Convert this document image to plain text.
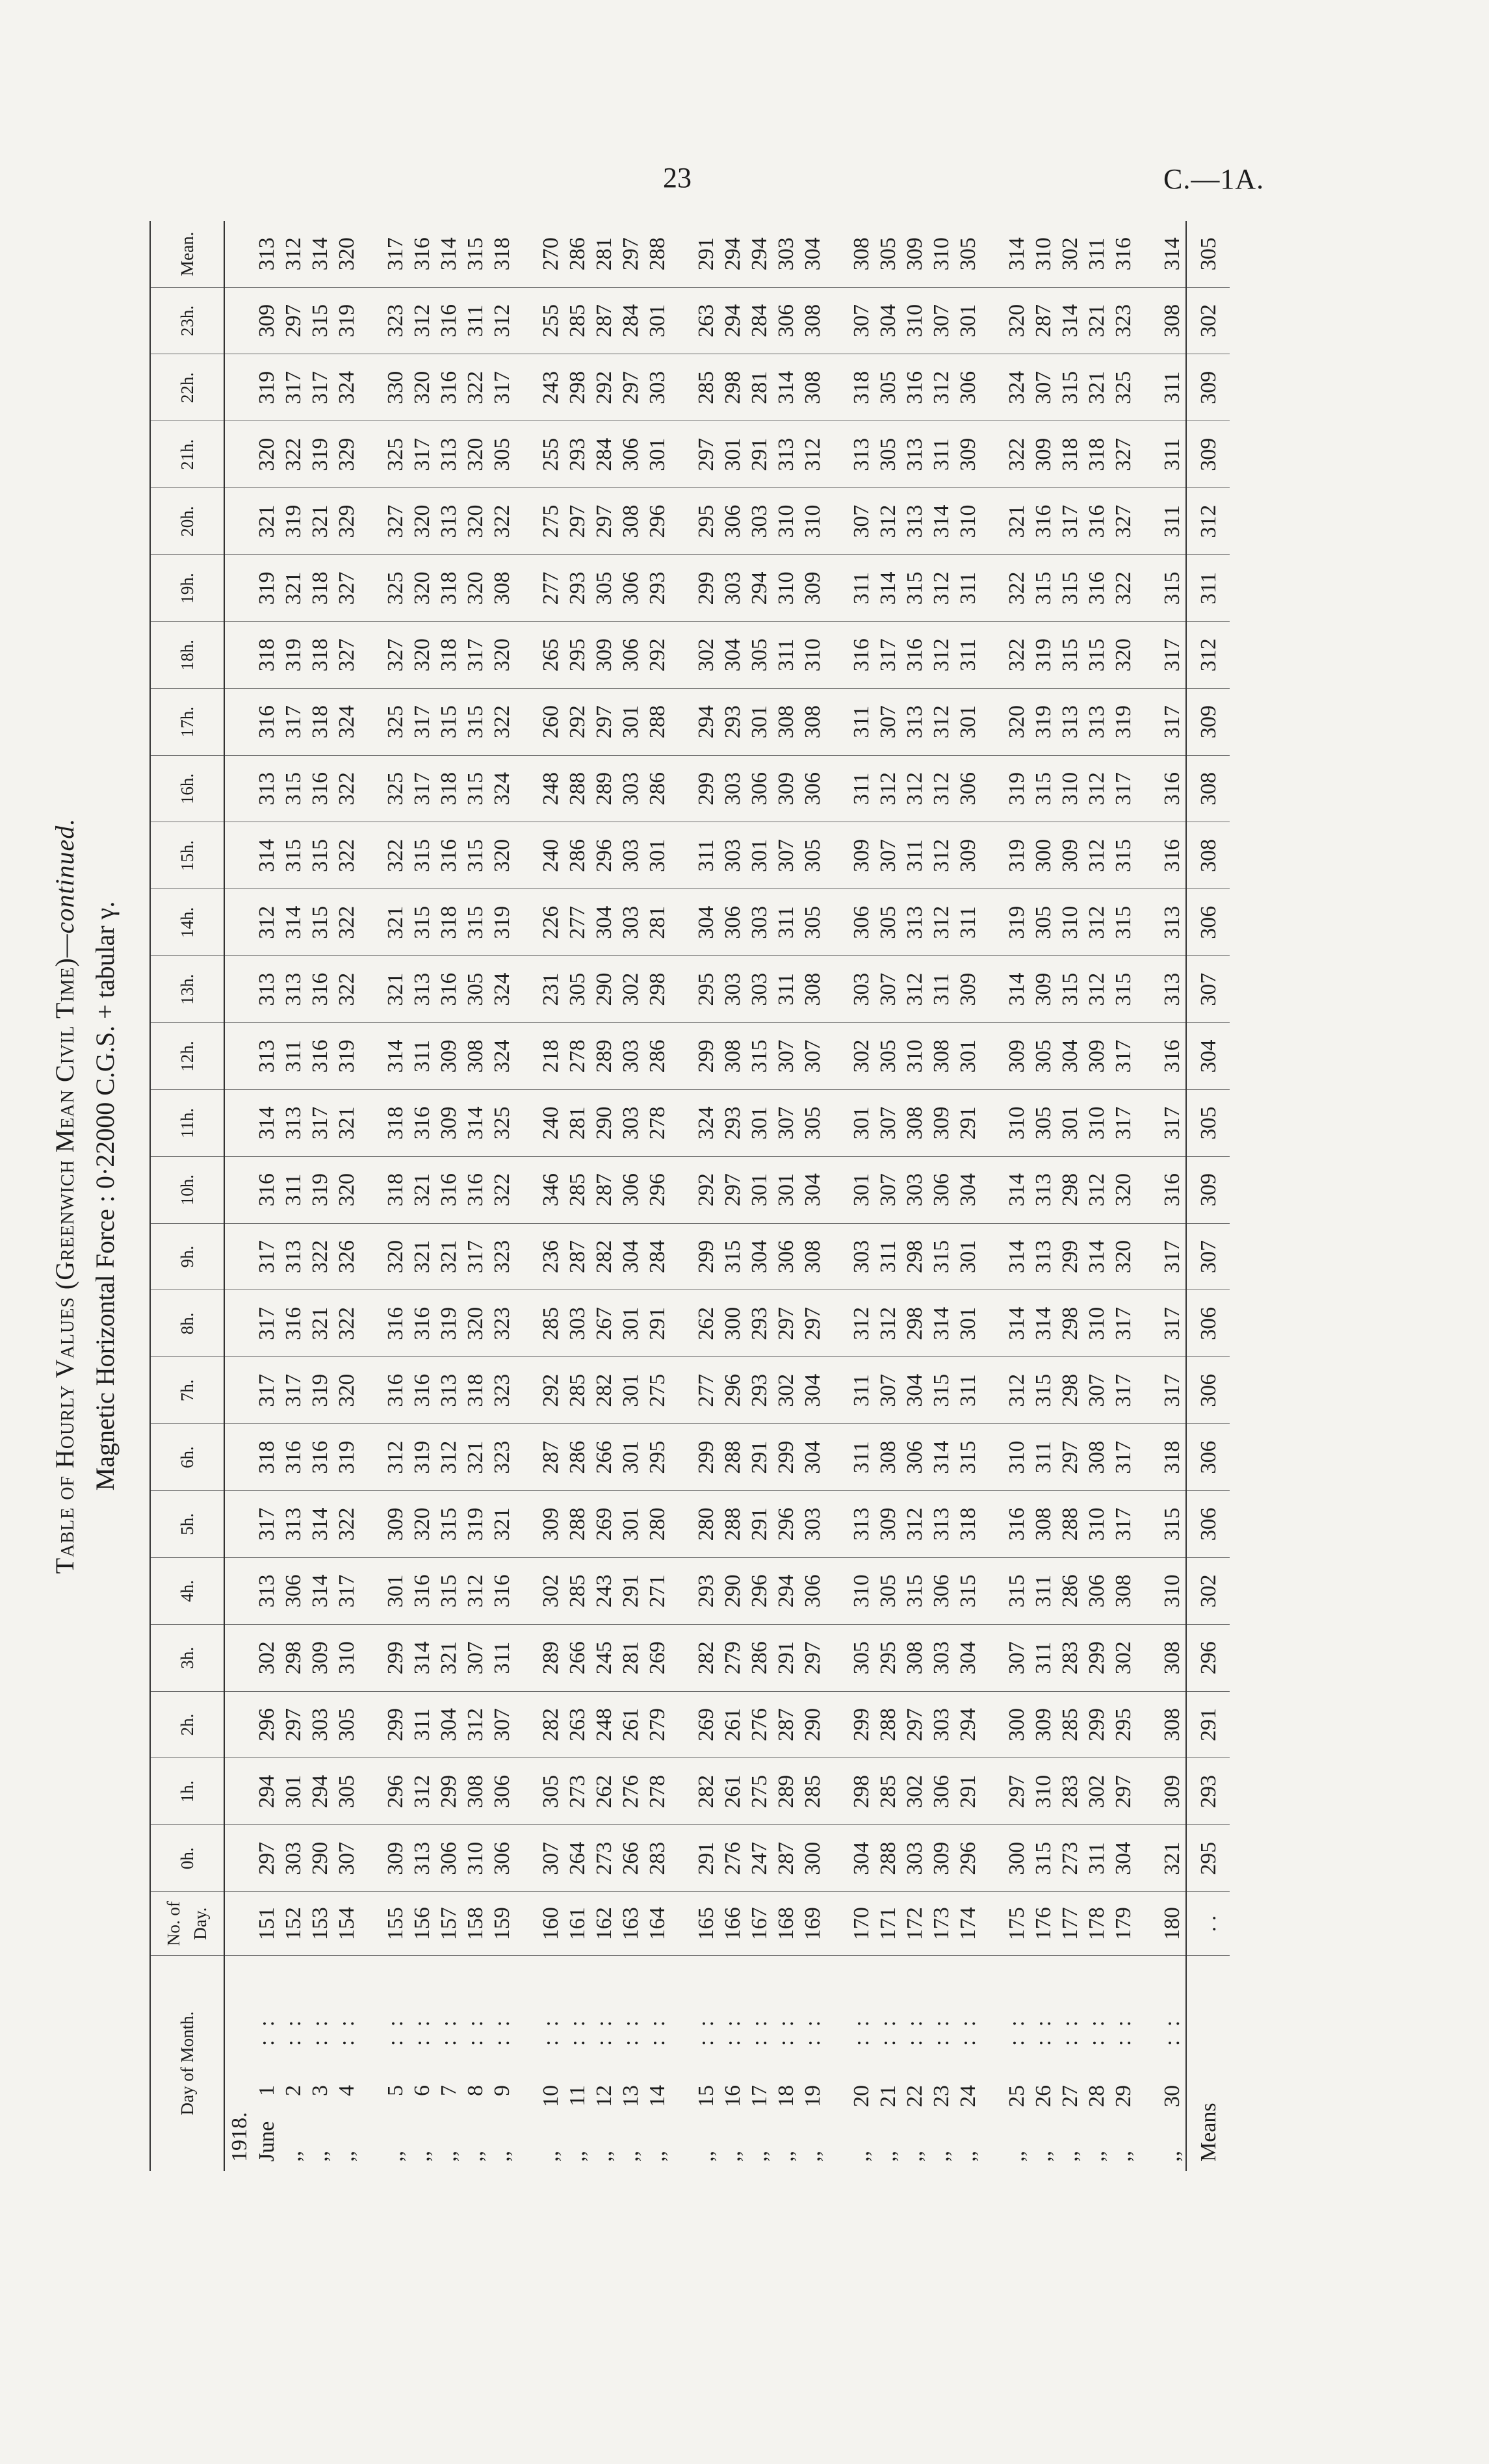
23	C.—1A.
Table of Hourly Values (Greenwich Mean Civil Time)—continued.
Magnetic Horizontal Force : 0·22000 C.G.S. + tabular γ.
Day of Month.	No. of Day.	0h.	1h.	2h.	3h.	4h.	5h.	6h.	7h.	8h.	9h.	10h.	11h.	12h.	13h.	14h.	15h.	16h.	17h.	18h.	19h.	20h.	21h.	22h.	23h.	Mean.
1918.																										
June1: :	151	297	294	296	302	313	317	318	317	317	317	316	314	313	313	312	314	313	316	318	319	321	320	319	309	313
,,2: :	152	303	301	297	298	306	313	316	317	316	313	311	313	311	313	314	315	315	317	319	321	319	322	317	297	312
,,3: :	153	290	294	303	309	314	314	316	319	321	322	319	317	316	316	315	315	316	318	318	318	321	319	317	315	314
,,4: :	154	307	305	305	310	317	322	319	320	322	326	320	321	319	322	322	322	322	324	327	327	329	329	324	319	320

,,5: :	155	309	296	299	299	301	309	312	316	316	320	318	318	314	321	321	322	325	325	327	325	327	325	330	323	317
,,6: :	156	313	312	311	314	316	320	319	316	316	321	321	316	311	313	315	315	317	317	320	320	320	317	320	312	316
,,7: :	157	306	299	304	321	315	315	312	313	319	321	316	309	309	316	318	316	318	315	318	318	313	313	316	316	314
,,8: :	158	310	308	312	307	312	319	321	318	320	317	316	314	308	305	315	315	315	315	317	320	320	320	322	311	315
,,9: :	159	306	306	307	311	316	321	323	323	323	323	322	325	324	324	319	320	324	322	320	308	322	305	317	312	318

,,10: :	160	307	305	282	289	302	309	287	292	285	236	346	240	218	231	226	240	248	260	265	277	275	255	243	255	270
,,11: :	161	264	273	263	266	285	288	286	285	303	287	285	281	278	305	277	286	288	292	295	293	297	293	298	285	286
,,12: :	162	273	262	248	245	243	269	266	282	267	282	287	290	289	290	304	296	289	297	309	305	297	284	292	287	281
,,13: :	163	266	276	261	281	291	301	301	301	301	304	306	303	303	302	303	303	303	301	306	306	308	306	297	284	297
,,14: :	164	283	278	279	269	271	280	295	275	291	284	296	278	286	298	281	301	286	288	292	293	296	301	303	301	288

,,15: :	165	291	282	269	282	293	280	299	277	262	299	292	324	299	295	304	311	299	294	302	299	295	297	285	263	291
,,16: :	166	276	261	261	279	290	288	288	296	300	315	297	293	308	303	306	303	303	293	304	303	306	301	298	294	294
,,17: :	167	247	275	276	286	296	291	291	293	293	304	301	301	315	303	303	301	306	301	305	294	303	291	281	284	294
,,18: :	168	287	289	287	291	294	296	299	302	297	306	301	307	307	311	311	307	309	308	311	310	310	313	314	306	303
,,19: :	169	300	285	290	297	306	303	304	304	297	308	304	305	307	308	305	305	306	308	310	309	310	312	308	308	304

,,20: :	170	304	298	299	305	310	313	311	311	312	303	301	301	302	303	306	309	311	311	316	311	307	313	318	307	308
,,21: :	171	288	285	288	295	305	309	308	307	312	311	307	307	305	307	305	307	312	307	317	314	312	305	305	304	305
,,22: :	172	303	302	297	308	315	312	306	304	298	298	303	308	310	312	313	311	312	313	316	315	313	313	316	310	309
,,23: :	173	309	306	303	303	306	313	314	315	314	315	306	309	308	311	312	312	312	312	312	312	314	311	312	307	310
,,24: :	174	296	291	294	304	315	318	315	311	301	301	304	291	301	309	311	309	306	301	311	311	310	309	306	301	305

,,25: :	175	300	297	300	307	315	316	310	312	314	314	314	310	309	314	319	319	319	320	322	322	321	322	324	320	314
,,26: :	176	315	310	309	311	311	308	311	315	314	313	313	305	305	309	305	300	315	319	319	315	316	309	307	287	310
,,27: :	177	273	283	285	283	286	288	297	298	298	299	298	301	304	315	310	309	310	313	315	315	317	318	315	314	302
,,28: :	178	311	302	299	299	306	310	308	307	310	314	312	310	309	312	312	312	312	313	315	316	316	318	321	321	311
,,29: :	179	304	297	295	302	308	317	317	317	317	320	320	317	317	315	315	315	317	319	320	322	327	327	325	323	316

,,30: :	180	321	309	308	308	310	315	318	317	317	317	316	317	316	313	313	316	316	317	317	315	311	311	311	308	314
Means	. .	295	293	291	296	302	306	306	306	306	307	309	305	304	307	306	308	308	309	312	311	312	309	309	302	305
